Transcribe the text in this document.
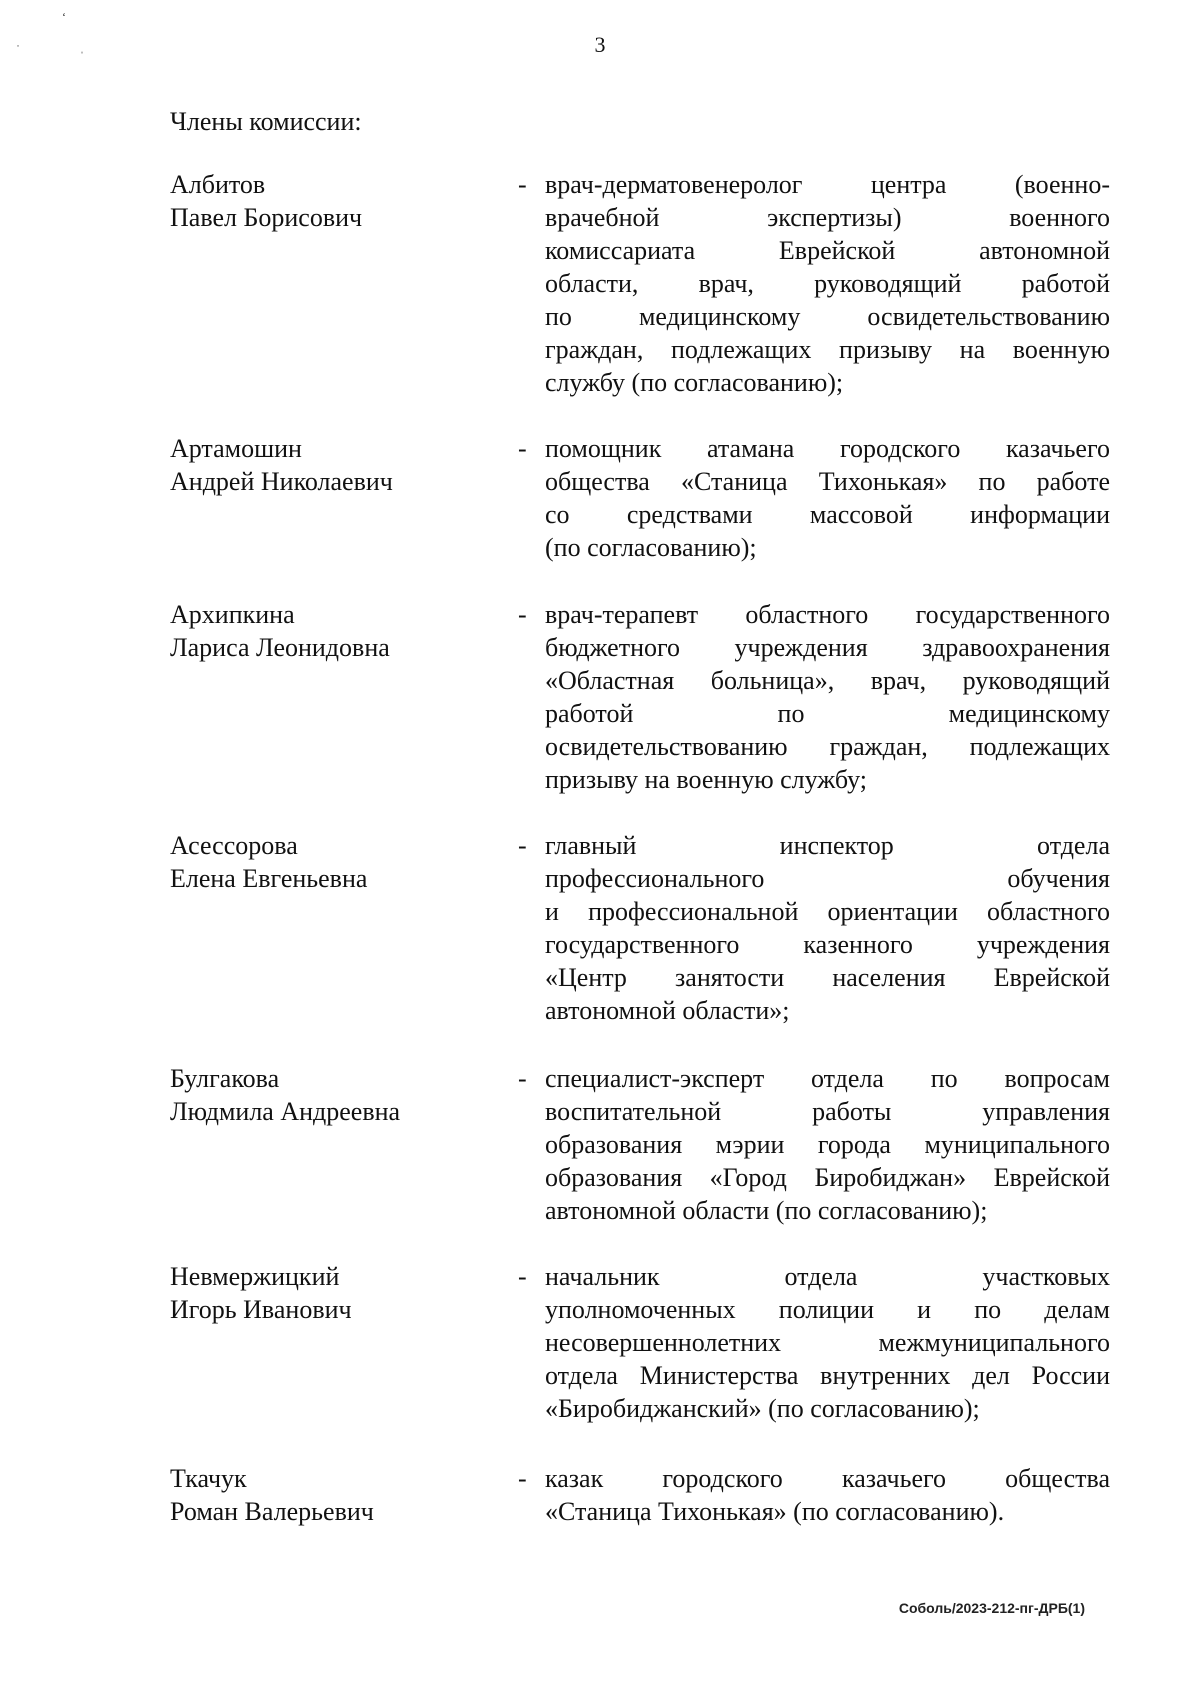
ʻ
˙	ˌ	3
Члены комиссии:
Албитов
Павел Борисович
- врач-дерматовенеролог центра (военно-
врачебной экспертизы) военного
комиссариата Еврейской автономной
области, врач, руководящий работой
по медицинскому освидетельствованию
граждан, подлежащих призыву на военную
службу (по согласованию);
Артамошин
Андрей Николаевич
- помощник атамана городского казачьего
общества «Станица Тихонькая» по работе
со средствами массовой информации
(по согласованию);
Архипкина
Лариса Леонидовна
- врач-терапевт областного государственного
бюджетного учреждения здравоохранения
«Областная больница», врач, руководящий
работой по медицинскому
освидетельствованию граждан, подлежащих
призыву на военную службу;
Асессорова
Елена Евгеньевна
- главный инспектор отдела
профессионального обучения
и профессиональной ориентации областного
государственного казенного учреждения
«Центр занятости населения Еврейской
автономной области»;
Булгакова
Людмила Андреевна
- специалист-эксперт отдела по вопросам
воспитательной работы управления
образования мэрии города муниципального
образования «Город Биробиджан» Еврейской
автономной области (по согласованию);
Невмержицкий
Игорь Иванович
- начальник отдела участковых
уполномоченных полиции и по делам
несовершеннолетних межмуниципального
отдела Министерства внутренних дел России
«Биробиджанский» (по согласованию);
Ткачук
Роман Валерьевич
- казак городского казачьего общества
«Станица Тихонькая» (по согласованию).
Соболь/2023-212-пг-ДРБ(1)
